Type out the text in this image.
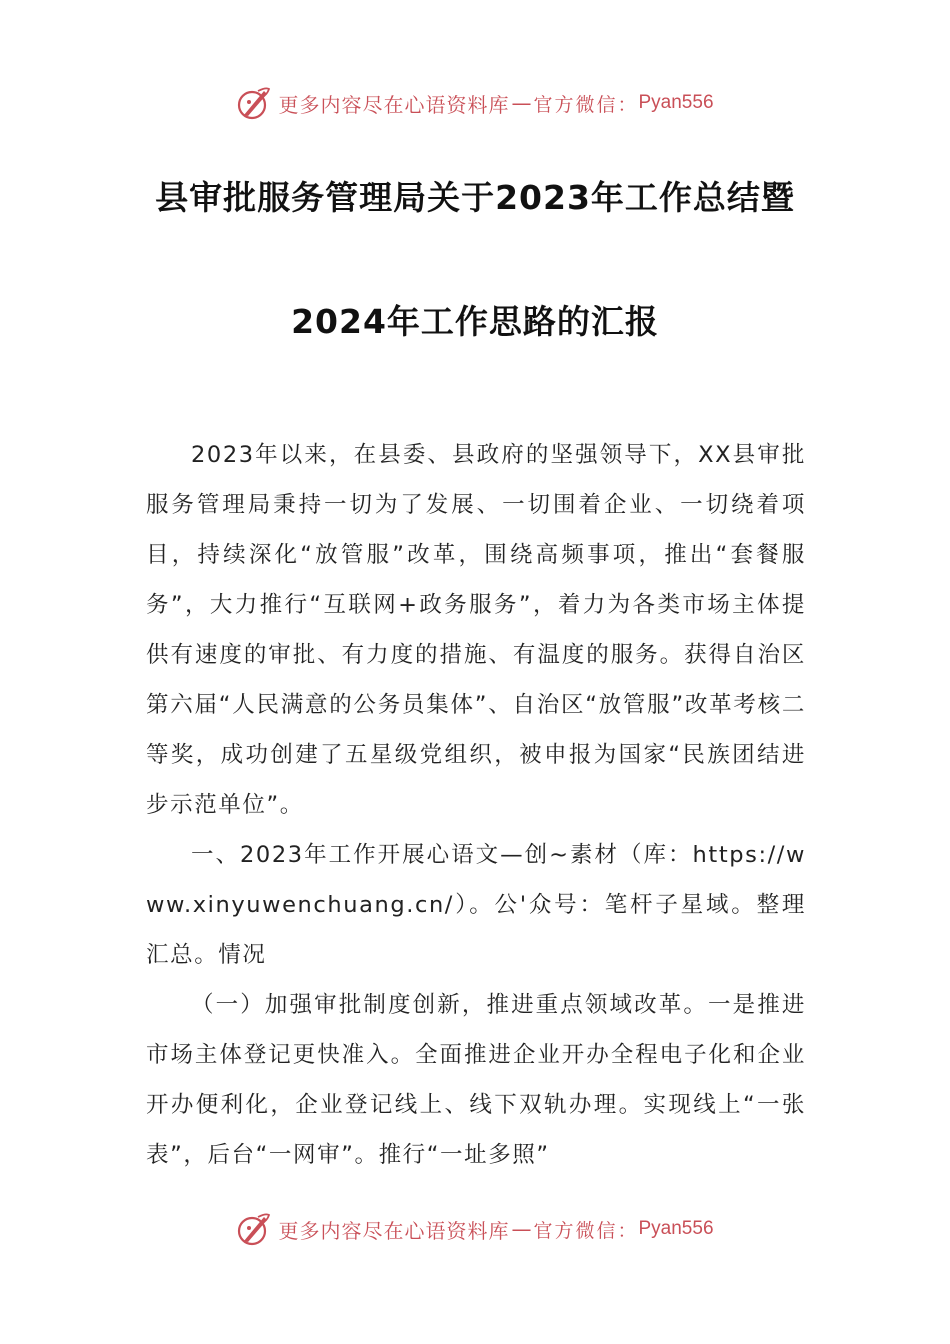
更多内容尽在心语资料库 — 官方微信： Pyan556
县审批服务管理局关于2023年工作总结暨
2024年工作思路的汇报

2023年以来，在县委、县政府的坚强领导下，XX县审批服务管理局秉持一切为了发展、一切围着企业、一切绕着项目，持续深化“放管服”改革，围绕高频事项，推出“套餐服务”，大力推行“互联网+政务服务”，着力为各类市场主体提供有速度的审批、有力度的措施、有温度的服务。获得自治区第六届“人民满意的公务员集体”、自治区“放管服”改革考核二等奖，成功创建了五星级党组织，被申报为国家“民族团结进步示范单位”。

一、2023年工作开展心语文—创~素材（库：https://www.xinyuwenchuang.cn/）。公'众号：笔杆子星域。整理汇总。情况

（一）加强审批制度创新，推进重点领域改革。一是推进市场主体登记更快准入。全面推进企业开办全程电子化和企业开办便利化，企业登记线上、线下双轨办理。实现线上“一张表”，后台“一网审”。推行“一址多照”

更多内容尽在心语资料库 — 官方微信： Pyan556
